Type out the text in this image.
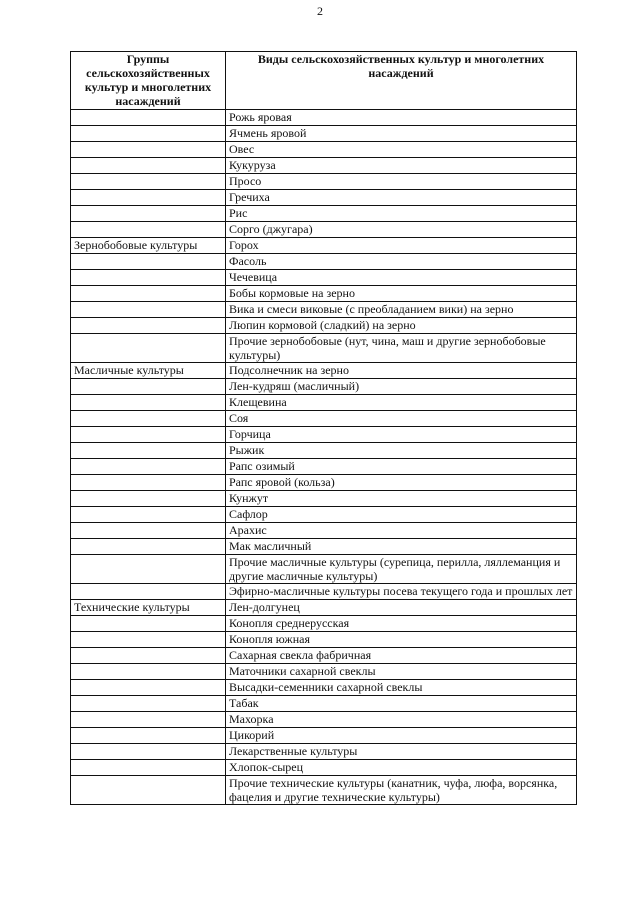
2
Группы сельскохозяйственных культур и многолетних насаждений	Виды сельскохозяйственных культур и многолетних насаждений
	Рожь яровая
	Ячмень яровой
	Овес
	Кукуруза
	Просо
	Гречиха
	Рис
	Сорго (джугара)
Зернобобовые культуры	Горох
	Фасоль
	Чечевица
	Бобы кормовые на зерно
	Вика и смеси виковые (с преобладанием вики) на зерно
	Люпин кормовой (сладкий) на зерно
	Прочие зернобобовые (нут, чина, маш и другие зернобобовые культуры)
Масличные культуры	Подсолнечник на зерно
	Лен-кудряш (масличный)
	Клещевина
	Соя
	Горчица
	Рыжик
	Рапс озимый
	Рапс яровой (кольза)
	Кунжут
	Сафлор
	Арахис
	Мак масличный
	Прочие масличные культуры (сурепица, перилла, ляллеманция и другие масличные культуры)
	Эфирно-масличные культуры посева текущего года и прошлых лет
Технические культуры	Лен-долгунец
	Конопля среднерусская
	Конопля южная
	Сахарная свекла фабричная
	Маточники сахарной свеклы
	Высадки-семенники сахарной свеклы
	Табак
	Махорка
	Цикорий
	Лекарственные культуры
	Хлопок-сырец
	Прочие технические культуры (канатник, чуфа, люфа, ворсянка, фацелия и другие технические культуры)
